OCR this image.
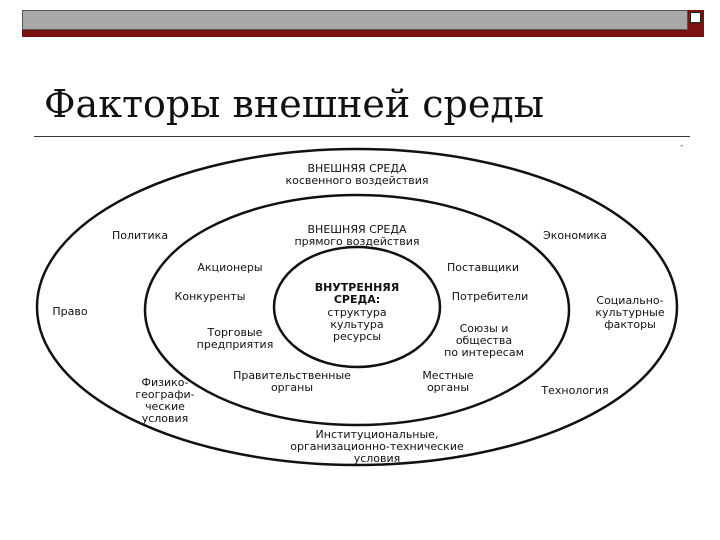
Факторы внешней среды
-
ВНЕШНЯЯ СРЕДА косвенного воздействия
Политика	Экономика
Право
Социально-культурные факторы
Физико-географи-ческие условия
Технология
Институциональные, организационно-технические условия
ВНЕШНЯЯ СРЕДА прямого воздействия
Акционеры	Поставщики
Конкуренты	Потребители
Торговые предприятия
Союзы и общества по интересам
Правительственные органы
Местные органы
ВНУТРЕННЯЯ СРЕДА:
структура культура ресурсы
